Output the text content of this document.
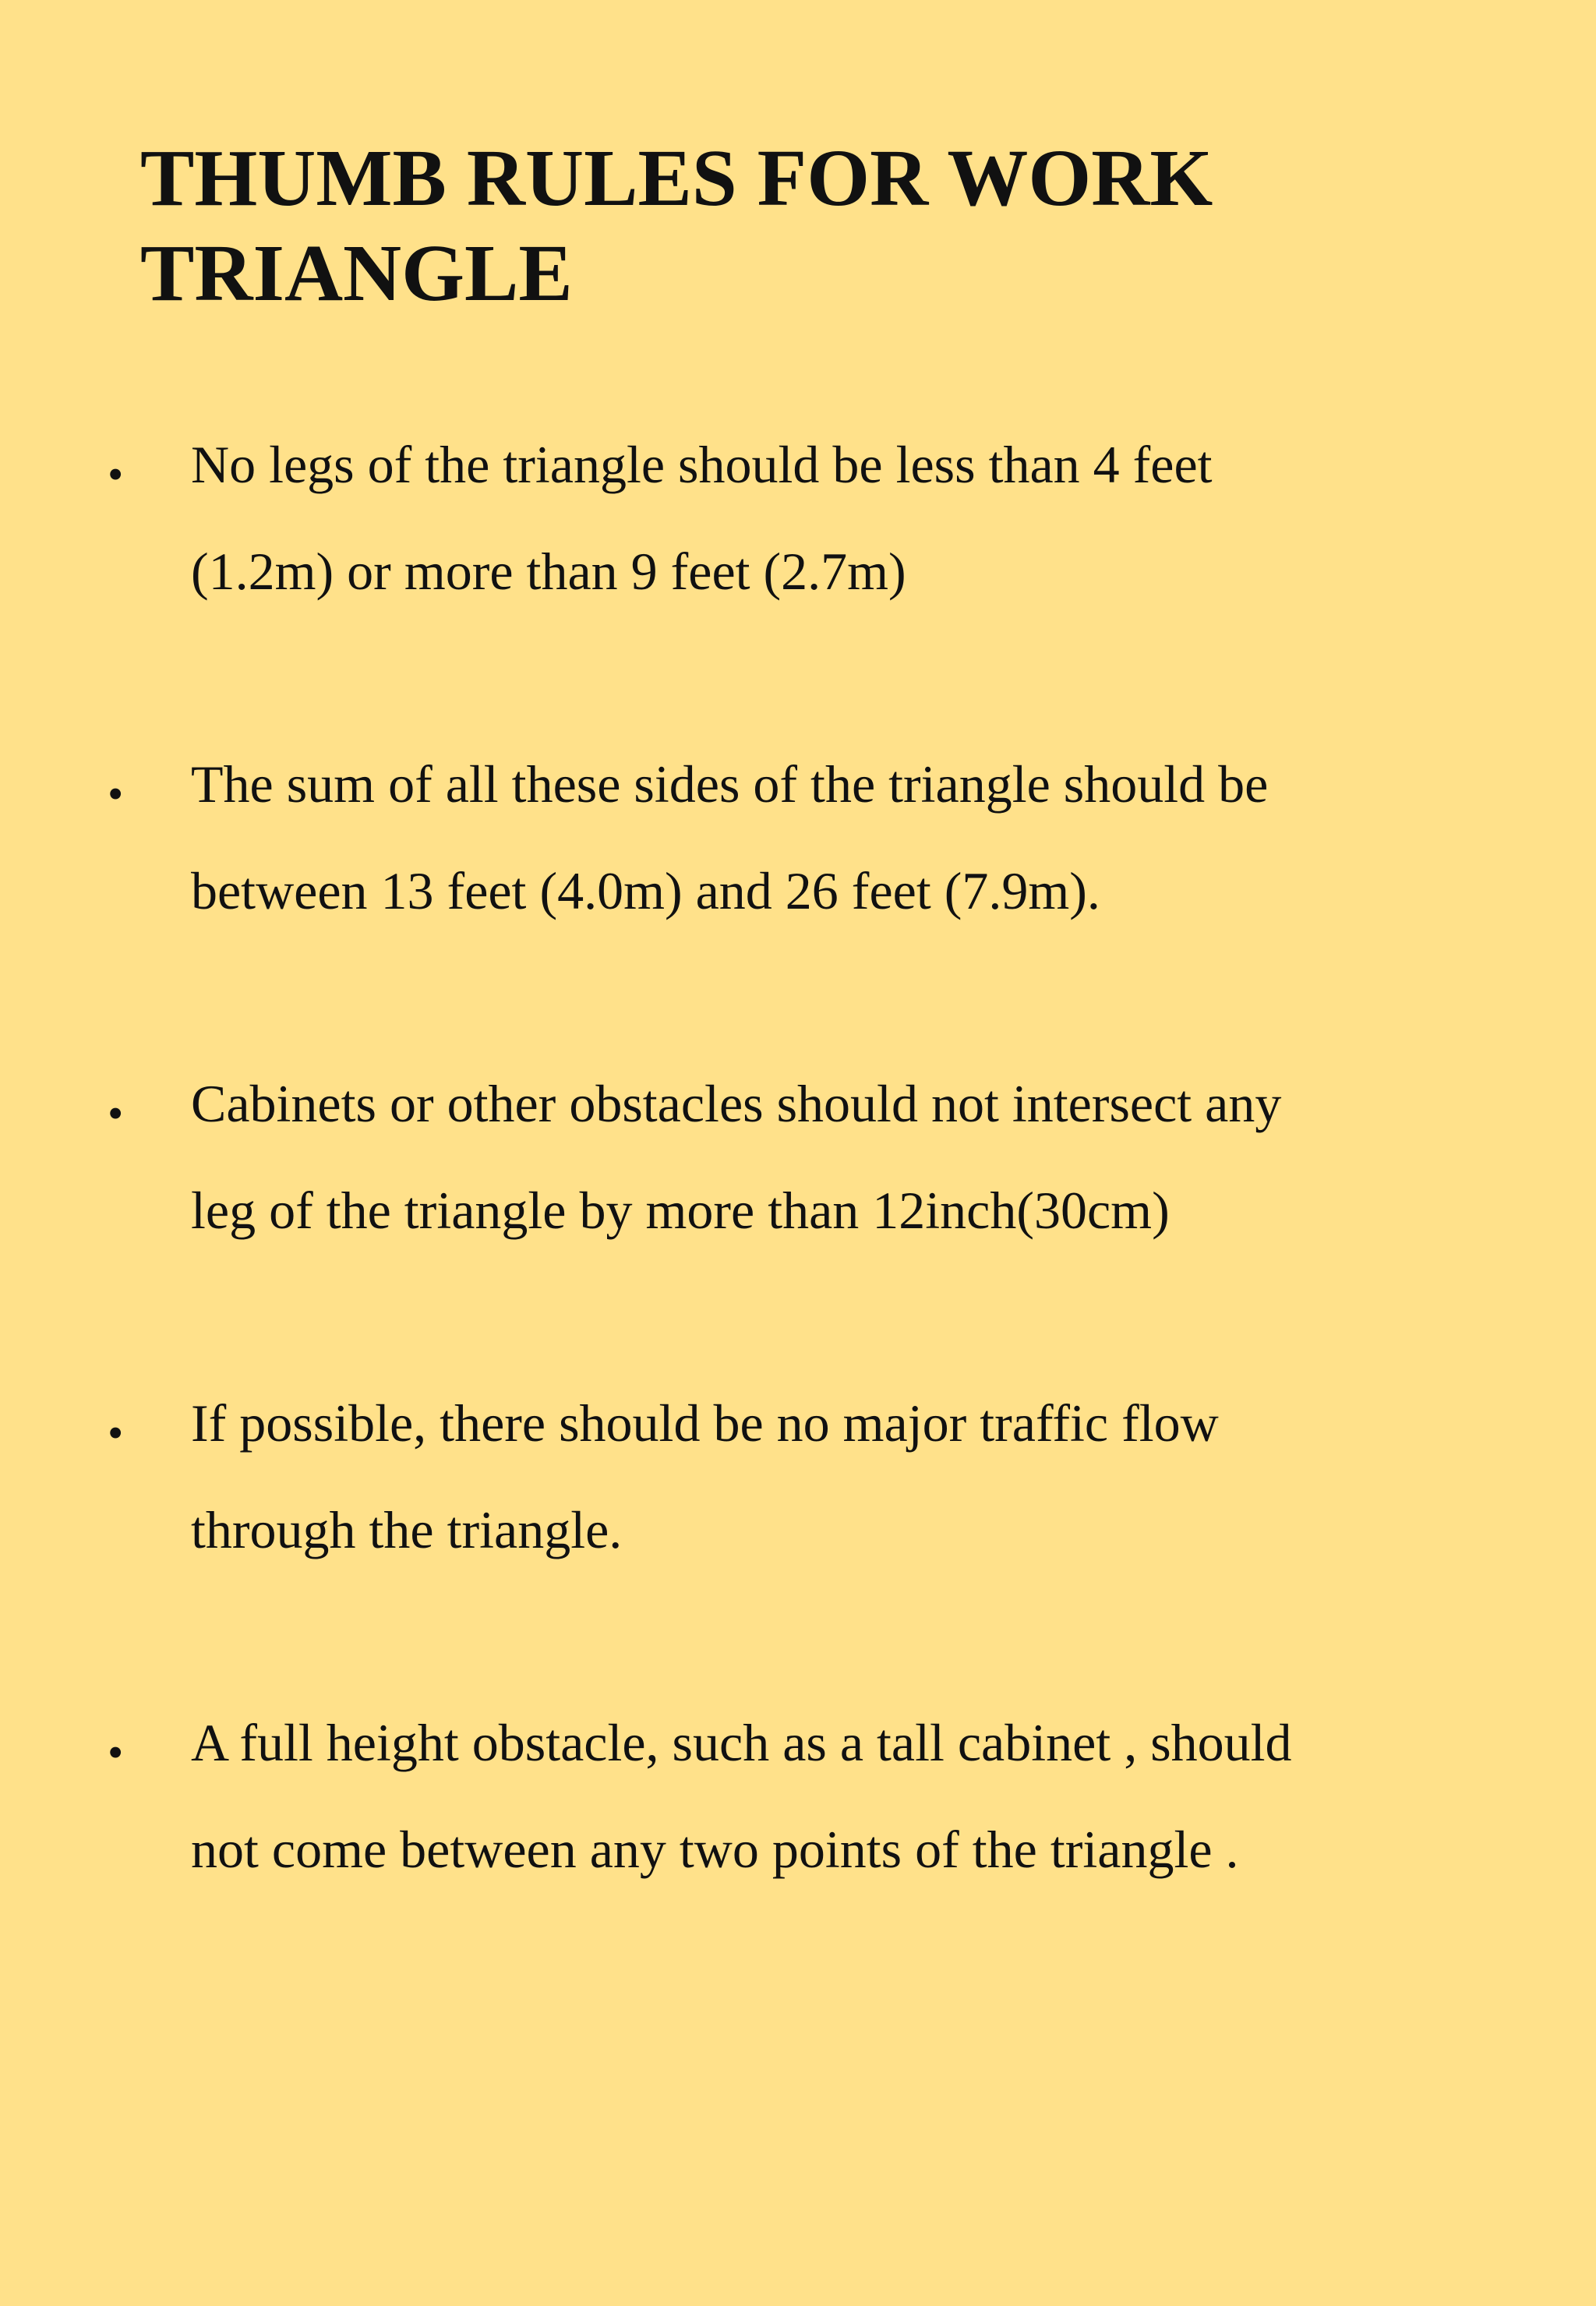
THUMB RULES FOR WORK
TRIANGLE
• No legs of the triangle should be less than 4 feet
(1.2m) or more than 9 feet (2.7m)
• The sum of all these sides of the triangle should be
between 13 feet (4.0m) and 26 feet (7.9m).
• Cabinets or other obstacles should not intersect any
leg of the triangle by more than 12inch(30cm)
• If possible, there should be no major traffic flow
through the triangle.
• A full height obstacle, such as a tall cabinet , should
not come between any two points of the triangle .
